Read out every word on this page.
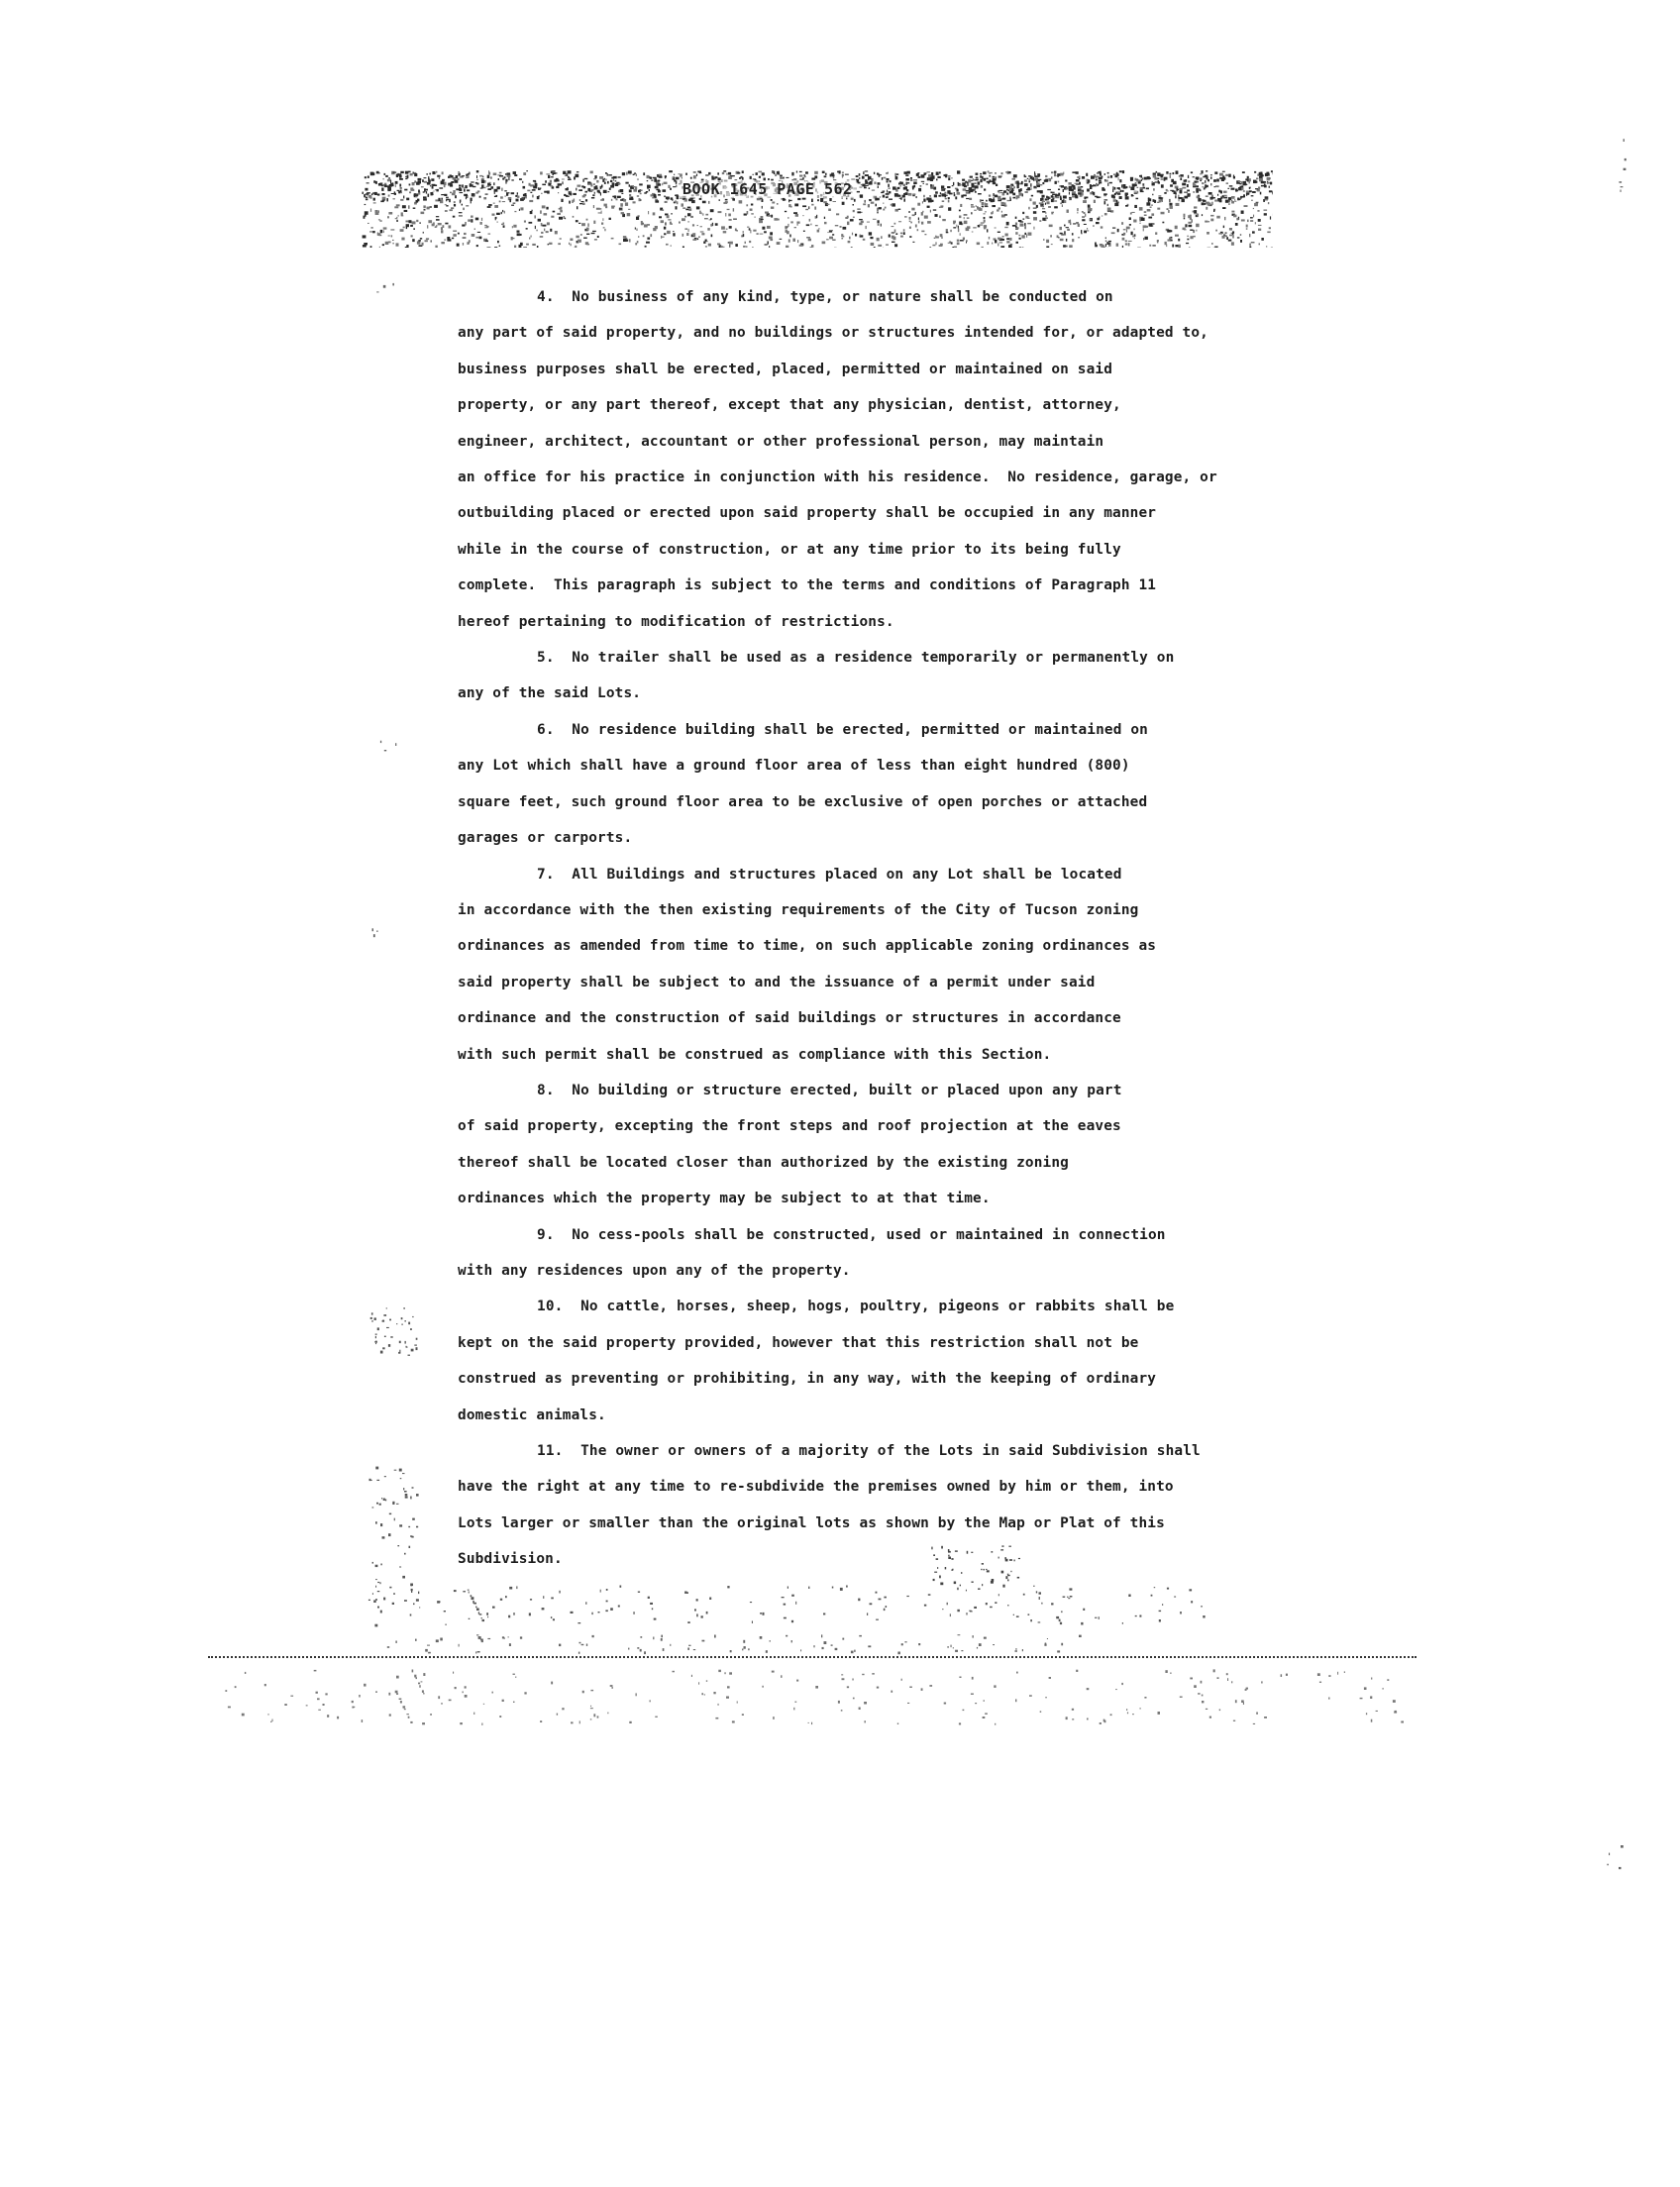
BOOK 1645 PAGE 562
4.  No business of any kind, type, or nature shall be conducted on
any part of said property, and no buildings or structures intended for, or adapted to,
business purposes shall be erected, placed, permitted or maintained on said
property, or any part thereof, except that any physician, dentist, attorney,
engineer, architect, accountant or other professional person, may maintain
an office for his practice in conjunction with his residence.  No residence, garage, or
outbuilding placed or erected upon said property shall be occupied in any manner
while in the course of construction, or at any time prior to its being fully
complete.  This paragraph is subject to the terms and conditions of Paragraph 11
hereof pertaining to modification of restrictions.
5.  No trailer shall be used as a residence temporarily or permanently on
any of the said Lots.
6.  No residence building shall be erected, permitted or maintained on
any Lot which shall have a ground floor area of less than eight hundred (800)
square feet, such ground floor area to be exclusive of open porches or attached
garages or carports.
7.  All Buildings and structures placed on any Lot shall be located
in accordance with the then existing requirements of the City of Tucson zoning
ordinances as amended from time to time, on such applicable zoning ordinances as
said property shall be subject to and the issuance of a permit under said
ordinance and the construction of said buildings or structures in accordance
with such permit shall be construed as compliance with this Section.
8.  No building or structure erected, built or placed upon any part
of said property, excepting the front steps and roof projection at the eaves
thereof shall be located closer than authorized by the existing zoning
ordinances which the property may be subject to at that time.
9.  No cess-pools shall be constructed, used or maintained in connection
with any residences upon any of the property.
10.  No cattle, horses, sheep, hogs, poultry, pigeons or rabbits shall be
kept on the said property provided, however that this restriction shall not be
construed as preventing or prohibiting, in any way, with the keeping of ordinary
domestic animals.
11.  The owner or owners of a majority of the Lots in said Subdivision shall
have the right at any time to re-subdivide the premises owned by him or them, into
Lots larger or smaller than the original lots as shown by the Map or Plat of this
Subdivision.
